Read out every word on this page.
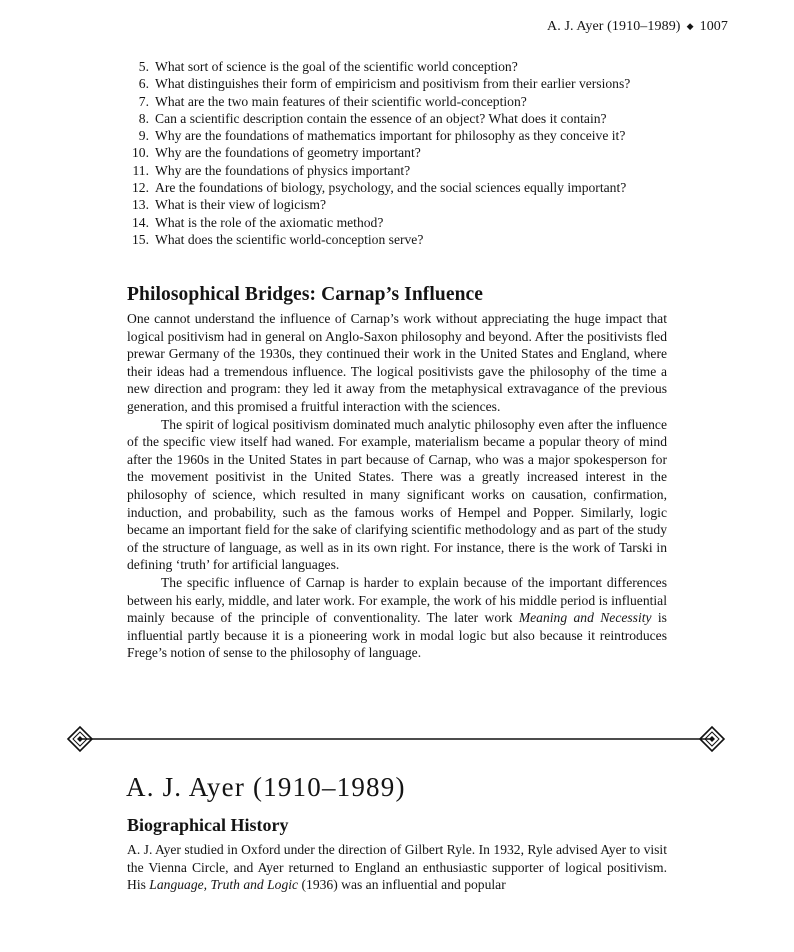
A. J. Ayer (1910–1989) ◆ 1007
5. What sort of science is the goal of the scientific world conception?
6. What distinguishes their form of empiricism and positivism from their earlier versions?
7. What are the two main features of their scientific world-conception?
8. Can a scientific description contain the essence of an object? What does it contain?
9. Why are the foundations of mathematics important for philosophy as they conceive it?
10. Why are the foundations of geometry important?
11. Why are the foundations of physics important?
12. Are the foundations of biology, psychology, and the social sciences equally important?
13. What is their view of logicism?
14. What is the role of the axiomatic method?
15. What does the scientific world-conception serve?
Philosophical Bridges: Carnap’s Influence

One cannot understand the influence of Carnap’s work without appreciating the huge impact that logical positivism had in general on Anglo-Saxon philosophy and beyond. After the positivists fled prewar Germany of the 1930s, they continued their work in the United States and England, where their ideas had a tremendous influence. The logical positivists gave the philosophy of the time a new direction and program: they led it away from the metaphysical extravagance of the previous generation, and this promised a fruitful interaction with the sciences.

The spirit of logical positivism dominated much analytic philosophy even after the influence of the specific view itself had waned. For example, materialism became a popular theory of mind after the 1960s in the United States in part because of Carnap, who was a major spokesperson for the movement positivist in the United States. There was a greatly increased interest in the philosophy of science, which resulted in many significant works on causation, confirmation, induction, and probability, such as the famous works of Hempel and Popper. Similarly, logic became an important field for the sake of clarifying scientific methodology and as part of the study of the structure of language, as well as in its own right. For instance, there is the work of Tarski in defining ‘truth’ for artificial languages.

The specific influence of Carnap is harder to explain because of the important differences between his early, middle, and later work. For example, the work of his middle period is influential mainly because of the principle of conventionality. The later work Meaning and Necessity is influential partly because it is a pioneering work in modal logic but also because it reintroduces Frege’s notion of sense to the philosophy of language.

A. J. Ayer (1910–1989)
Biographical History

A. J. Ayer studied in Oxford under the direction of Gilbert Ryle. In 1932, Ryle advised Ayer to visit the Vienna Circle, and Ayer returned to England an enthusiastic supporter of logical positivism. His Language, Truth and Logic (1936) was an influential and popular
